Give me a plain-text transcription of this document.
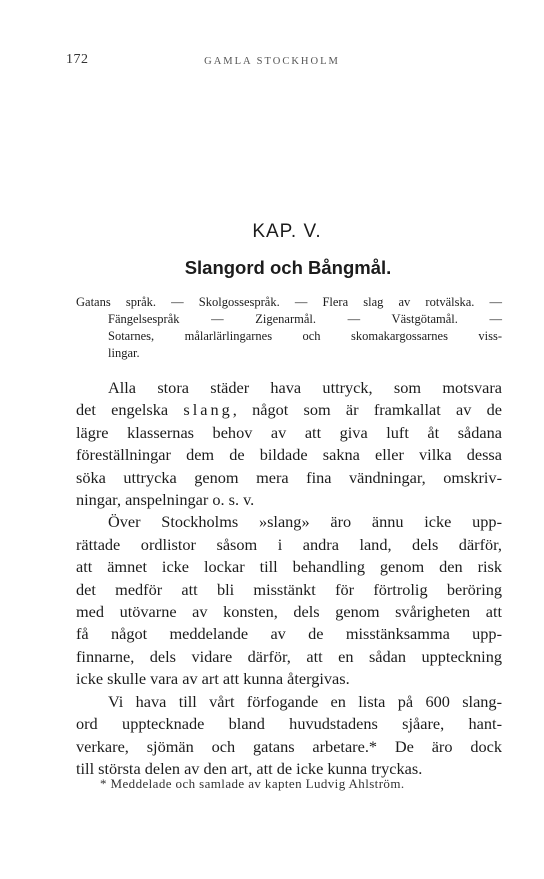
172	GAMLA STOCKHOLM
KAP. V.
Slangord och Bångmål.
Gatans språk. — Skolgossespråk. — Flera slag av rotvälska. —
Fängelsespråk — Zigenarmål. — Västgötamål. —
Sotarnes, målarlärlingarnes och skomakargossarnes viss-
lingar.
Alla stora städer hava uttryck, som motsvara
det engelska slang, något som är framkallat av de
lägre klassernas behov av att giva luft åt sådana
föreställningar dem de bildade sakna eller vilka dessa
söka uttrycka genom mera fina vändningar, omskriv-
ningar, anspelningar o. s. v.
Över Stockholms »slang» äro ännu icke upp-
rättade ordlistor såsom i andra land, dels därför,
att ämnet icke lockar till behandling genom den risk
det medför att bli misstänkt för förtrolig beröring
med utövarne av konsten, dels genom svårigheten att
få något meddelande av de misstänksamma upp-
finnarne, dels vidare därför, att en sådan uppteckning
icke skulle vara av art att kunna återgivas.
Vi hava till vårt förfogande en lista på 600 slang-
ord upptecknade bland huvudstadens sjåare, hant-
verkare, sjömän och gatans arbetare.* De äro dock
till största delen av den art, att de icke kunna tryckas.
* Meddelade och samlade av kapten Ludvig Ahlström.
